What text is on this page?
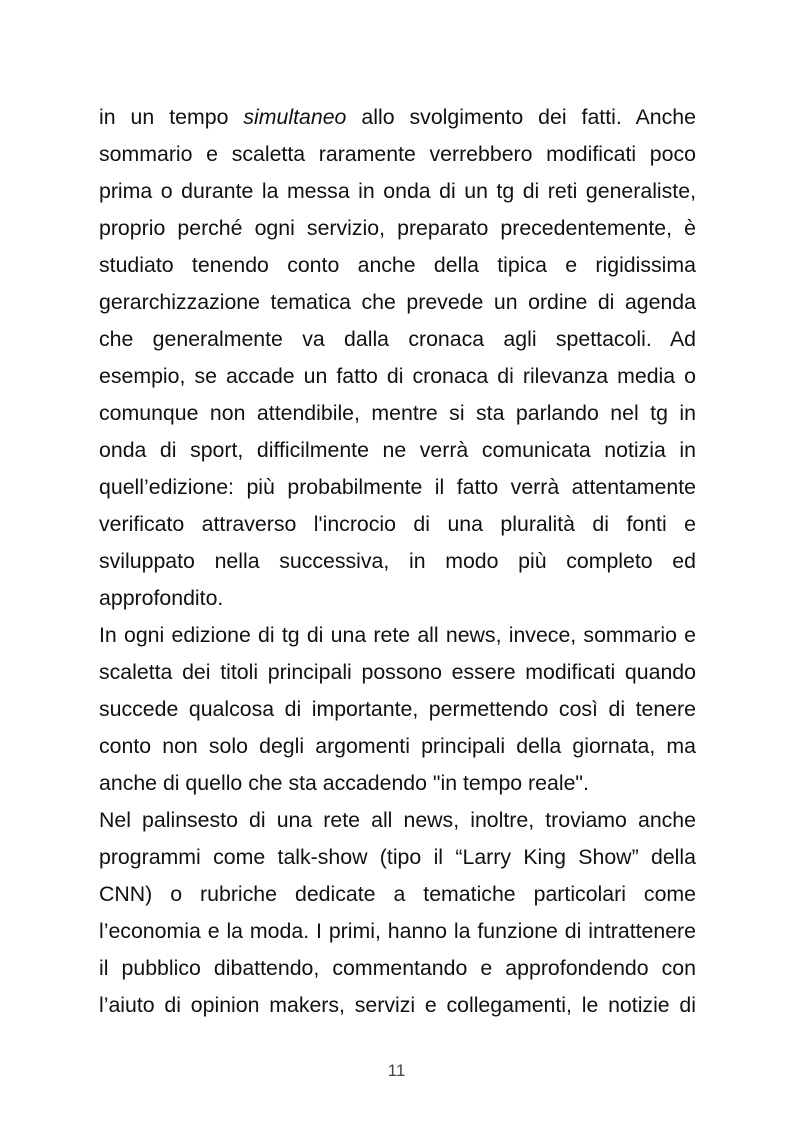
in un tempo simultaneo allo svolgimento dei fatti. Anche
sommario e scaletta raramente verrebbero modificati poco
prima o durante la messa in onda di un tg di reti generaliste,
proprio perché ogni servizio, preparato precedentemente, è
studiato tenendo conto anche della tipica e rigidissima
gerarchizzazione tematica che prevede un ordine di agenda
che generalmente va dalla cronaca agli spettacoli. Ad
esempio, se accade un fatto di cronaca di rilevanza media o
comunque non attendibile, mentre si sta parlando nel tg in
onda di sport, difficilmente ne verrà comunicata notizia in
quell’edizione: più probabilmente il fatto verrà attentamente
verificato attraverso l'incrocio di una pluralità di fonti e
sviluppato nella successiva, in modo più completo ed
approfondito.
In ogni edizione di tg di una rete all news, invece, sommario e
scaletta dei titoli principali possono essere modificati quando
succede qualcosa di importante, permettendo così di tenere
conto non solo degli argomenti principali della giornata, ma
anche di quello che sta accadendo "in tempo reale".
Nel palinsesto di una rete all news, inoltre, troviamo anche
programmi come talk-show (tipo il “Larry King Show” della
CNN) o rubriche dedicate a tematiche particolari come
l’economia e la moda. I primi, hanno la funzione di intrattenere
il pubblico dibattendo, commentando e approfondendo con
l’aiuto di opinion makers, servizi e collegamenti, le notizie di
11
